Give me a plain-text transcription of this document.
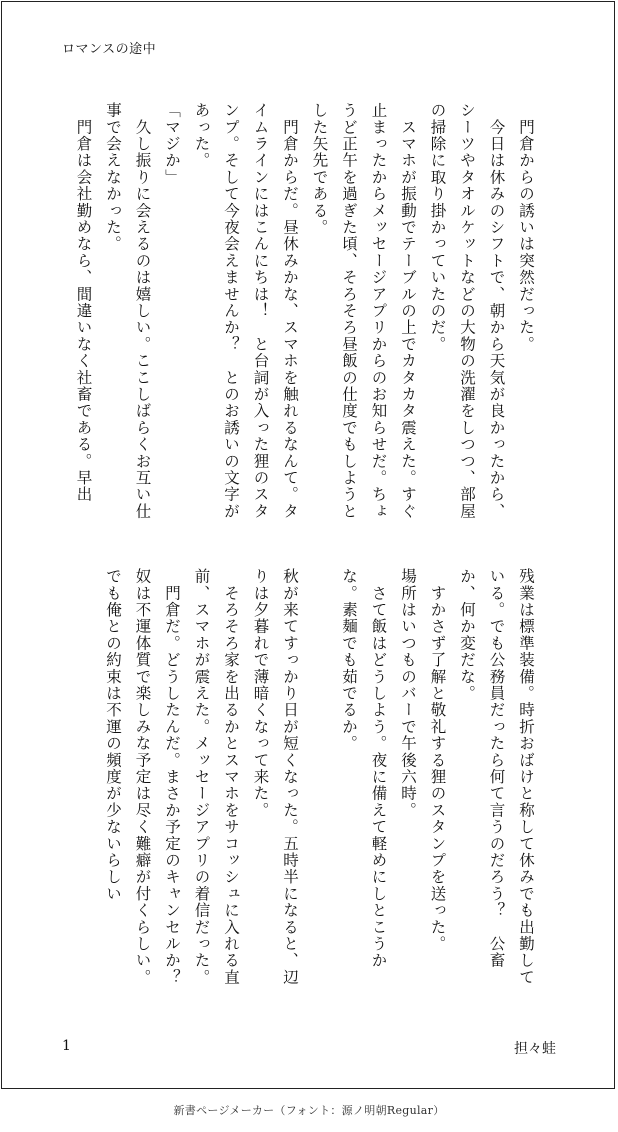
ロマンスの途中

　門倉からの誘いは突然だった。

　今日は休みのシフトで、朝から天気が良かったから、シーツやタオルケットなどの大物の洗濯をしつつ、部屋の掃除に取り掛かっていたのだ。

　スマホが振動でテーブルの上でカタカタ震えた。すぐ止まったからメッセージアプリからのお知らせだ。ちょうど正午を過ぎた頃、そろそろ昼飯の仕度でもしようとした矢先である。

　門倉からだ。昼休みかな、スマホを触れるなんて。タイムラインにはこんにちは！　と台詞が入った狸のスタンプ。そして今夜会えませんか？　とのお誘いの文字があった。

「マジか」

　久し振りに会えるのは嬉しい。ここしばらくお互い仕事で会えなかった。

　門倉は会社勤めなら、間違いなく社畜である。早出

残業は標準装備。時折おばけと称して休みでも出勤している。でも公務員だったら何て言うのだろう？　公畜か、何か変だな。

　すかさず了解と敬礼する狸のスタンプを送った。

場所はいつものバーで午後六時。

　さて飯はどうしよう。夜に備えて軽めにしとこうかな。素麺でも茹でるか。

秋が来てすっかり日が短くなった。五時半になると、辺りは夕暮れで薄暗くなって来た。

　そろそろ家を出るかとスマホをサコッシュに入れる直前、スマホが震えた。メッセージアプリの着信だった。

　門倉だ。どうしたんだ。まさか予定のキャンセルか？　奴は不運体質で楽しみな予定は尽く難癖が付くらしい。でも俺との約束は不運の頻度が少ないらしい

1	担々蛙
新書ページメーカー（フォント：源ノ明朝Regular）
